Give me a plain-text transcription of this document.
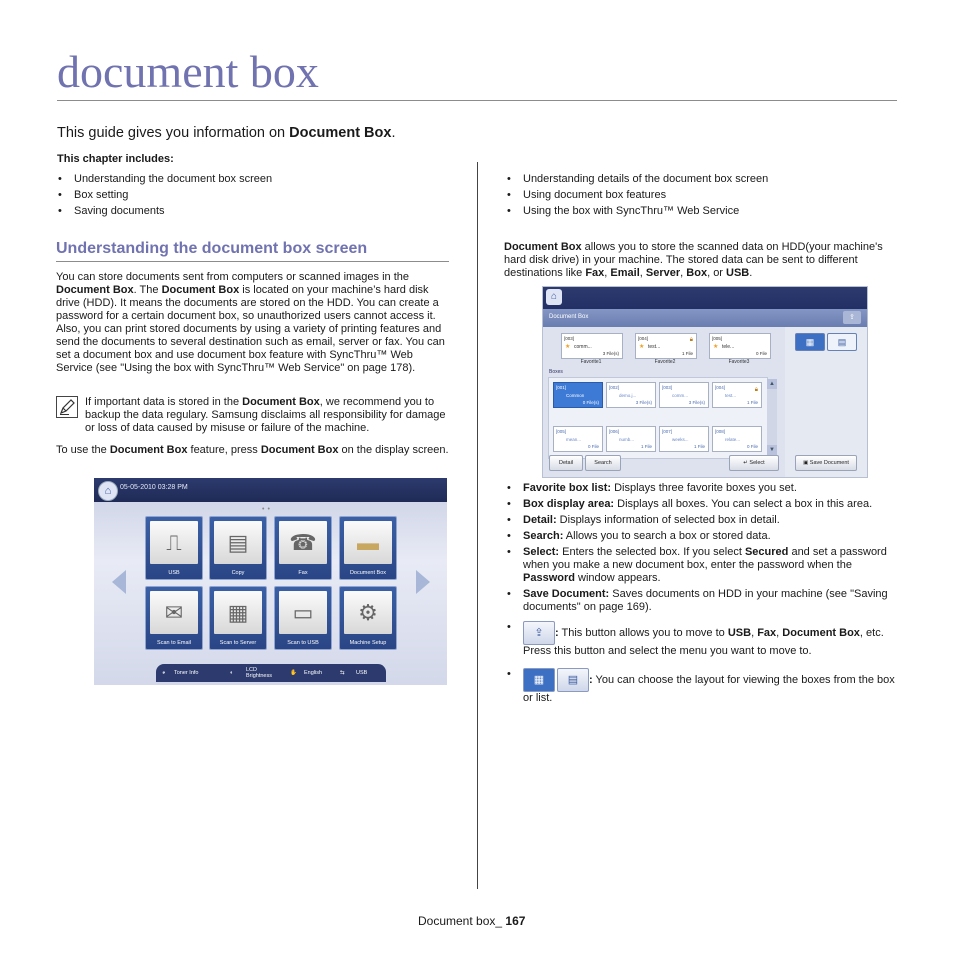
document box
This guide gives you information on Document Box.
This chapter includes:
• Understanding the document box screen
• Box setting
• Saving documents
• Understanding details of the document box screen
• Using document box features
• Using the box with SyncThru™ Web Service
Understanding the document box screen
You can store documents sent from computers or scanned images in the Document Box. The Document Box is located on your machine’s hard disk drive (HDD). It means the documents are stored on the HDD. You can create a password for a certain document box, so unauthorized users cannot access it. Also, you can print stored documents by using a variety of printing features and send the documents to several destination such as email, server or fax. You can set a document box and use document box feature with SyncThru™ Web Service (see "Using the box with SyncThru™ Web Service" on page 178).
If important data is stored in the Document Box, we recommend you to backup the data regulary. Samsung disclaims all responsibility for damage or loss of data caused by misuse or failure of the machine.
To use the Document Box feature, press Document Box on the display screen.
⌂	05-05-2010 03:28 PM
••
⎍
USB
▤
Copy
☎
Fax
▬
Document Box
✉
Scan to Email
▦
Scan to Server
▭
Scan to USB
⚙
Machine Setup
◕ Toner Info	◐ LCD Brightness	✋ English	⇆ USB
Document Box allows you to store the scanned data on HDD(your machine's hard disk drive) in your machine. The stored data can be sent to different destinations like Fax, Email, Server, Box, or USB.
⌂
Document Box	⇪
[003]
★ comm...
3 File(s)
[004]	🔒︎
★ test...
1 File
[005]
★ tele...
0 File
Favorite1	Favorite2	Favorite3
▦	▤
Boxes
[001]
Common
0 File(s)
[002]
demo.j...
3 File(s)
[003]
comm...
3 File(s)
[004]	🔒︎
test...
1 File
[005]
mean...
0 File
[006]
numb...
1 File
[007]
weeks...
1 File
[008]
relate...
0 File
▲
▼
Detail	Search	↵ Select	▣ Save Document
• Favorite box list: Displays three favorite boxes you set.
• Box display area: Displays all boxes. You can select a box in this area.
• Detail: Displays information of selected box in detail.
• Search: Allows you to search a box or stored data.
• Select: Enters the selected box. If you select Secured and set a password when you make a new document box, enter the password when the Password window appears.
• Save Document: Saves documents on HDD in your machine (see "Saving documents" on page 169).
• ⇪ : This button allows you to move to USB, Fax, Document Box, etc. Press this button and select the menu you want to move to.
• ▦ ▤ : You can choose the layout for viewing the boxes from the box or list.
Document box_ 167
